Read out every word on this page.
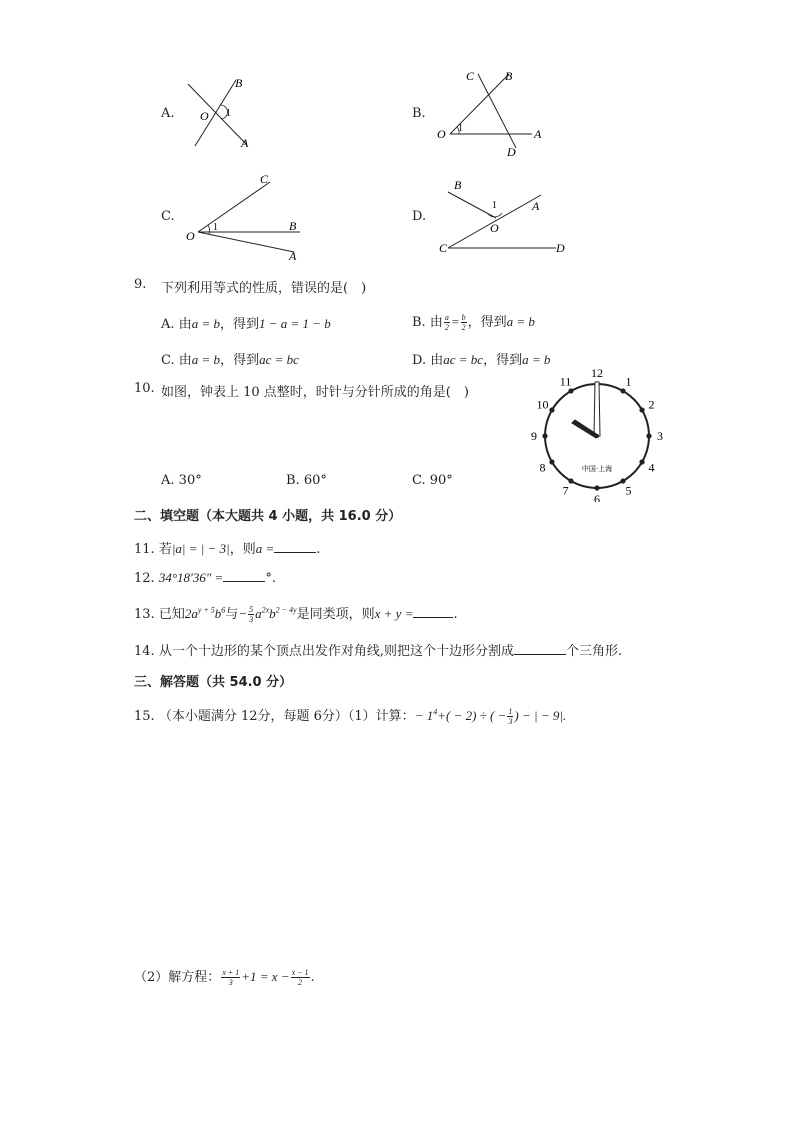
A. O 1
B
A
B.
O 1	A
B
C
D
C.
O
1
C
B
A
D.
B
1
O
A
C	D
9. 下列利用等式的性质，错误的是(　)
A. 由a = b，得到1 − a = 1 − b	B. 由 $\frac{a}{2} = \frac{b}{2}$ ，得到a = b
C. 由a = b，得到ac = bc	D. 由ac = bc，得到a = b
10. 如图，钟表上 10 点整时，时针与分针所成的角是(　)
12
1
2
3
4
5
6
7
8
9
10
11
中国·上海
A. 30°	B. 60°	C. 90°
二、填空题（本大题共 4 小题，共 16.0 分）
11. 若|a| = | − 3|，则a =	.
12. 34°18′36″ =	°.
13. 已知$2a^{y + 5}b^6$与− $\frac{5}{3} a^{2x}b^{2 - 4y}$是同类项，则x + y =	.
14. 从一个十边形的某个顶点出发作对角线,则把这个十边形分割成	个三角形.
三、解答题（共 54.0 分）
15. （本小题满分 12分，每题 6分）（1）计算：− $1^4+( - 2)$ ÷ ( − $\frac{1}{3}$ ) − | − 9|.
（2）解方程： $\frac{x + 1}{3} +1 = x - \frac{x - 1}{2}$ .
